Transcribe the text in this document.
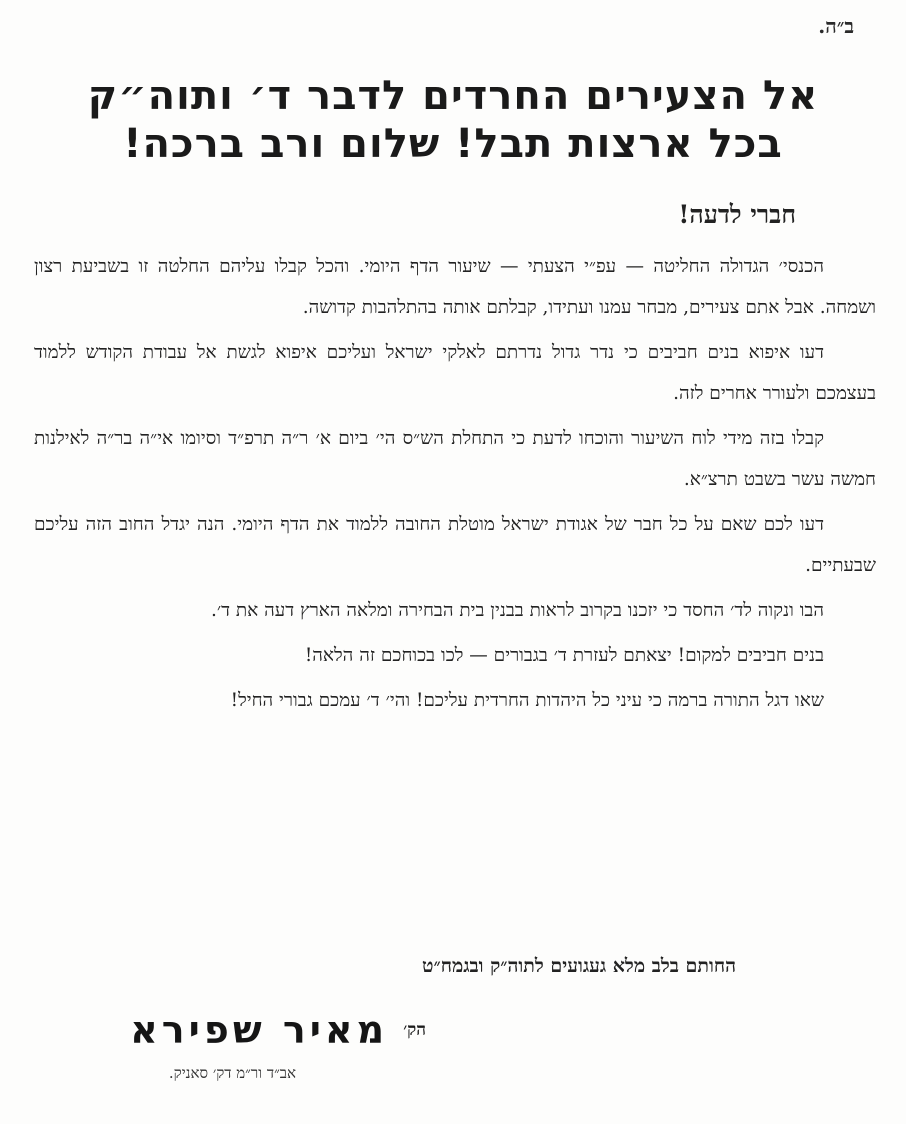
ב״ה.
אל הצעירים החרדים לדבר ד׳ ותוה״ק
בכל ארצות תבל! שלום ורב ברכה!
חברי לדעה!

הכנסי׳ הגדולה החליטה — עפ״י הצעתי — שיעור הדף היומי. והכל קבלו עליהם החלטה זו בשביעת רצון ושמחה. אבל אתם צעירים, מבחר עמנו ועתידו, קבלתם אותה בהתלהבות קדושה.

דעו איפוא בנים חביבים כי נדר גדול נדרתם לאלקי ישראל ועליכם איפוא לגשת אל עבודת הקודש ללמוד בעצמכם ולעורר אחרים לזה.

קבלו בזה מידי לוח השיעור והוכחו לדעת כי התחלת הש״ס הי׳ ביום א׳ ר״ה תרפ״ד וסיומו אי״ה בר״ה לאילנות חמשה עשר בשבט תרצ״א.

דעו לכם שאם על כל חבר של אגודת ישראל מוטלת החובה ללמוד את הדף היומי. הנה יגדל החוב הזה עליכם שבעתיים.

הבו ונקוה לד׳ החסד כי יזכנו בקרוב לראות בבנין בית הבחירה ומלאה הארץ דעה את ד׳.

בנים חביבים למקום! יצאתם לעזרת ד׳ בגבורים — לכו בכוחכם זה הלאה!

שאו דגל התורה ברמה כי עיני כל היהדות החרדית עליכם! והי׳ ד׳ עמכם גבורי החיל!

החותם בלב מלא געגועים לתוה״ק ובגמח״ט
הק׳ מאיר שפירא
אב״ד ור״מ דק׳ סאניק.
